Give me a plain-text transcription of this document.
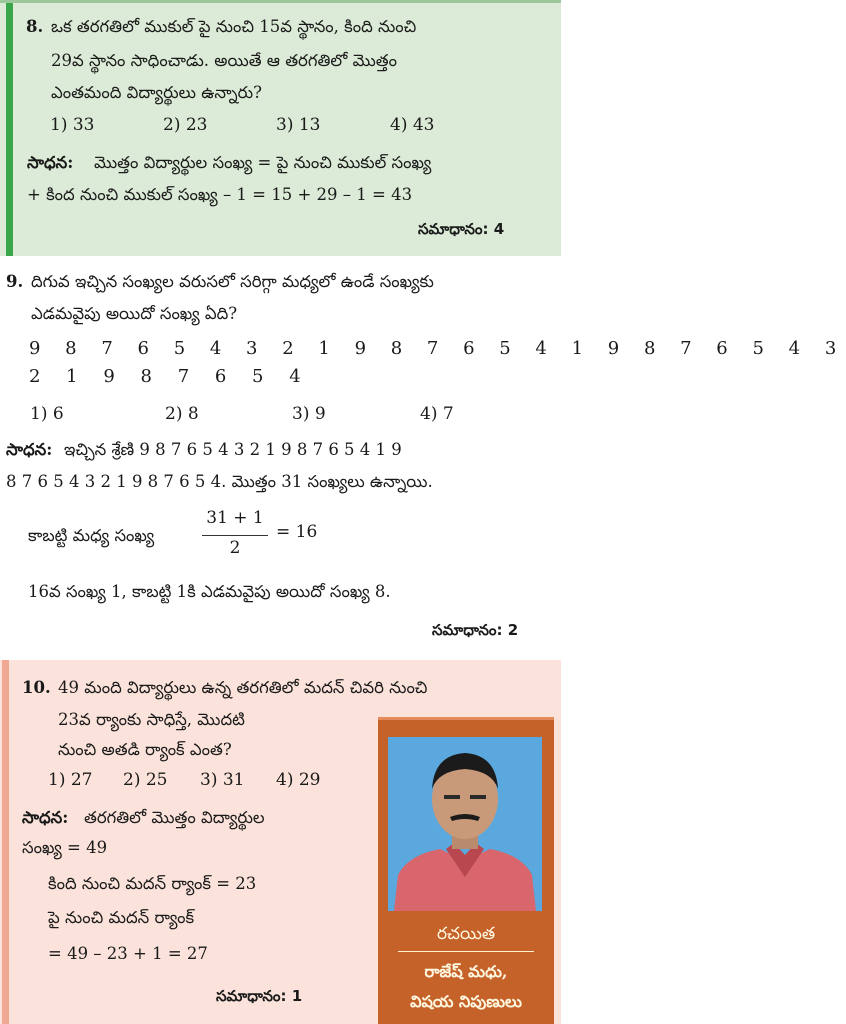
8. ఒక తరగతిలో ముకుల్ పై నుంచి 15వ స్థానం, కింది నుంచి
29వ స్థానం సాధించాడు. అయితే ఆ తరగతిలో మొత్తం
ఎంతమంది విద్యార్థులు ఉన్నారు?
1) 33	2) 23	3) 13	4) 43
సాధన: మొత్తం విద్యార్థుల సంఖ్య = పై నుంచి ముకుల్ సంఖ్య
+ కింద నుంచి ముకుల్ సంఖ్య – 1 = 15 + 29 – 1 = 43
సమాధానం: 4
9. దిగువ ఇచ్చిన సంఖ్యల వరుసలో సరిగ్గా మధ్యలో ఉండే సంఖ్యకు
ఎడమవైపు అయిదో సంఖ్య ఏది?
9 8 7 6 5 4 3 2 1 9 8 7 6 5 4 1 9 8 7 6 5 4 3
2 1 9 8 7 6 5 4
1) 6	2) 8	3) 9	4) 7
సాధన: ఇచ్చిన శ్రేణి 9 8 7 6 5 4 3 2 1 9 8 7 6 5 4 1 9
8 7 6 5 4 3 2 1 9 8 7 6 5 4. మొత్తం 31 సంఖ్యలు ఉన్నాయి.
కాబట్టి మధ్య సంఖ్య
31 + 1
2
= 16
16వ సంఖ్య 1, కాబట్టి 1కి ఎడమవైపు అయిదో సంఖ్య 8.
సమాధానం: 2
10. 49 మంది విద్యార్థులు ఉన్న తరగతిలో మదన్ చివరి నుంచి
23వ ర్యాంకు సాధిస్తే, మొదటి
నుంచి అతడి ర్యాంక్ ఎంత?
1) 27 2) 25 3) 31 4) 29
సాధన: తరగతిలో మొత్తం విద్యార్థుల
సంఖ్య = 49
కింది నుంచి మదన్ ర్యాంక్ = 23
పై నుంచి మదన్ ర్యాంక్
= 49 – 23 + 1 = 27
సమాధానం: 1
రచయిత
రాజేష్ మధు,
విషయ నిపుణులు
